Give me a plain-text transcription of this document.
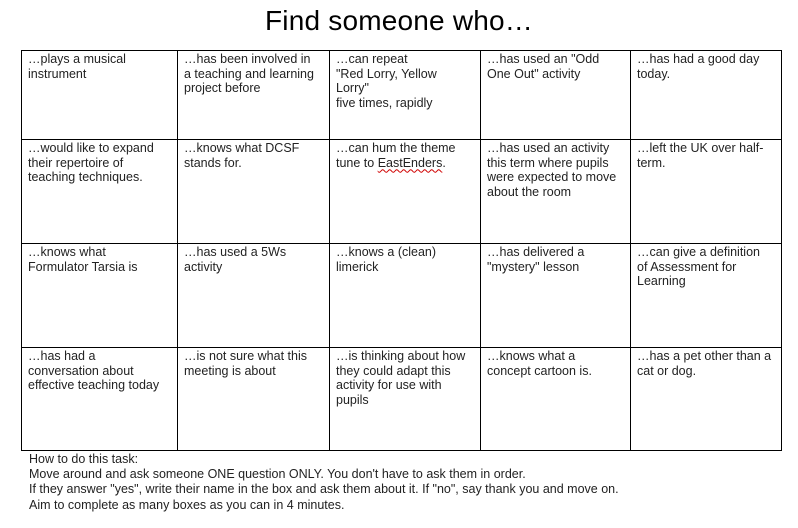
Find someone who…
…plays a musical
instrument	…has been involved in
a teaching and learning
project before	…can repeat
"Red Lorry, Yellow
Lorry"
five times, rapidly	…has used an "Odd
One Out" activity	…has had a good day
today.

…would like to expand
their repertoire of
teaching techniques.	…knows what DCSF
stands for.	…can hum the theme
tune to EastEnders.	…has used an activity
this term where pupils
were expected to move
about the room	…left the UK over half-
term.

…knows what
Formulator Tarsia is	…has used a 5Ws
activity	…knows a (clean)
limerick	…has delivered a
"mystery" lesson	…can give a definition
of Assessment for
Learning

…has had a
conversation about
effective teaching today	…is not sure what this
meeting is about	…is thinking about how
they could adapt this
activity for use with
pupils	…knows what a
concept cartoon is.	…has a pet other than a
cat or dog.
How to do this task:
Move around and ask someone ONE question ONLY. You don't have to ask them in order.
If they answer "yes", write their name in the box and ask them about it. If "no", say thank you and move on.
Aim to complete as many boxes as you can in 4 minutes.
